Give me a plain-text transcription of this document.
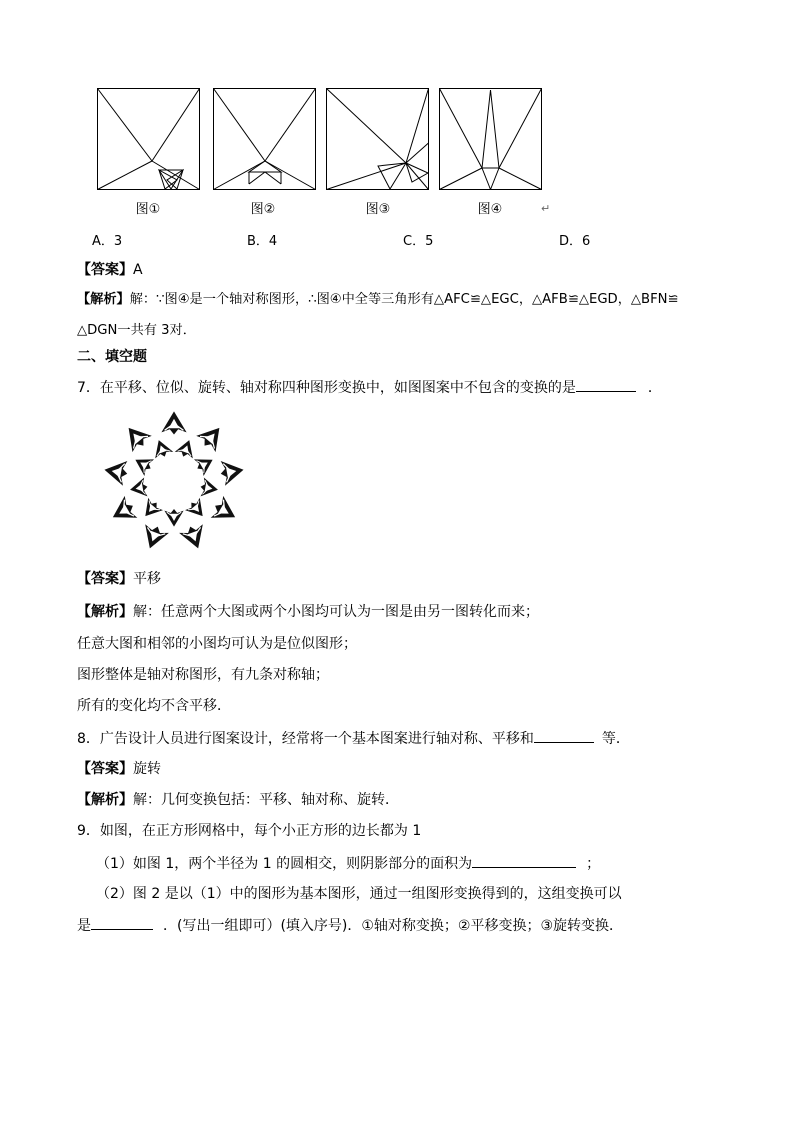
图①	图②	图③	图④	↵
A．3	B．4	C．5	D．6
【答案】A
【解析】解：∵图④是一个轴对称图形，∴图④中全等三角形有△AFC≌△EGC，△AFB≌△EGD，△BFN≌
△DGN一共有 3对．
二、填空题
7．在平移、位似、旋转、轴对称四种图形变换中，如图图案中不包含的变换的是	．
【答案】平移
【解析】解：任意两个大图或两个小图均可认为一图是由另一图转化而来；
任意大图和相邻的小图均可认为是位似图形；
图形整体是轴对称图形，有九条对称轴；
所有的变化均不含平移．
8．广告设计人员进行图案设计，经常将一个基本图案进行轴对称、平移和	等．
【答案】旋转
【解析】解：几何变换包括：平移、轴对称、旋转．
9．如图，在正方形网格中，每个小正方形的边长都为 1
（1）如图 1，两个半径为 1 的圆相交，则阴影部分的面积为	；
（2）图 2 是以（1）中的图形为基本图形，通过一组图形变换得到的，这组变换可以
是	．(写出一组即可）(填入序号)．①轴对称变换；②平移变换；③旋转变换．
